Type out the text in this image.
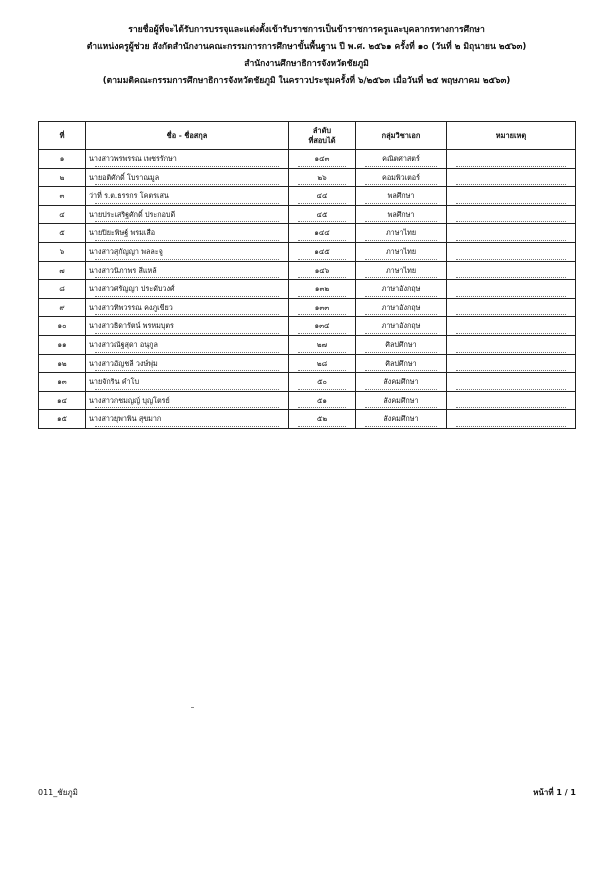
รายชื่อผู้ที่จะได้รับการบรรจุและแต่งตั้งเข้ารับราชการเป็นข้าราชการครูและบุคลากรทางการศึกษา
ตำแหน่งครูผู้ช่วย สังกัดสำนักงานคณะกรรมการการศึกษาขั้นพื้นฐาน ปี พ.ศ. ๒๕๖๑ ครั้งที่ ๑๐ (วันที่ ๒ มิถุนายน ๒๕๖๓)
สำนักงานศึกษาธิการจังหวัดชัยภูมิ
(ตามมติคณะกรรมการศึกษาธิการจังหวัดชัยภูมิ ในคราวประชุมครั้งที่ ๖/๒๕๖๓ เมื่อวันที่ ๒๕ พฤษภาคม ๒๕๖๓)
ที่	ชื่อ - ชื่อสกุล	ลำดับ
ที่สอบได้	กลุ่มวิชาเอก	หมายเหตุ

๑	นางสาวพรพรรณ เพชรรักษา	๑๔๓	คณิตศาสตร์	

๒	นายอติศักดิ์ โบราณมูล	๒๖	คอมพิวเตอร์	

๓	ว่าที่ ร.ต.ธรรกร โคตรเสน	๔๔	พลศึกษา	

๔	นายประเสริฐศักดิ์ ประกอบดี	๔๕	พลศึกษา	

๕	นายปิยะพิษฐ์ พรมเสือ	๑๔๔	ภาษาไทย	

๖	นางสาวสุกัญญา พลละจู	๑๔๕	ภาษาไทย	

๗	นางสาวนิภาพร สีแหล้	๑๔๖	ภาษาไทย	

๘	นางสาวศรัญญา ประดับวงศ์	๑๓๒	ภาษาอังกฤษ	

๙	นางสาวทิพวรรณ คงภูเขียว	๑๓๓	ภาษาอังกฤษ	

๑๐	นางสาวธิดารัตน์ พรหมบุตร	๑๓๔	ภาษาอังกฤษ	

๑๑	นางสาวณัฐสุดา อนุกูล	๒๗	ศิลปศึกษา	

๑๒	นางสาวอัญชลี วงษ์พุ่ม	๒๘	ศิลปศึกษา	

๑๓	นายจักริน คำโบ	๕๐	สังคมศึกษา	

๑๔	นางสาวกชมญญ์ บุญโตรย์	๕๑	สังคมศึกษา	

๑๕	นางสาวยุพาพิน สุขมาก	๕๒	สังคมศึกษา	

011_ชัยภูมิ	หน้าที่ 1 / 1
